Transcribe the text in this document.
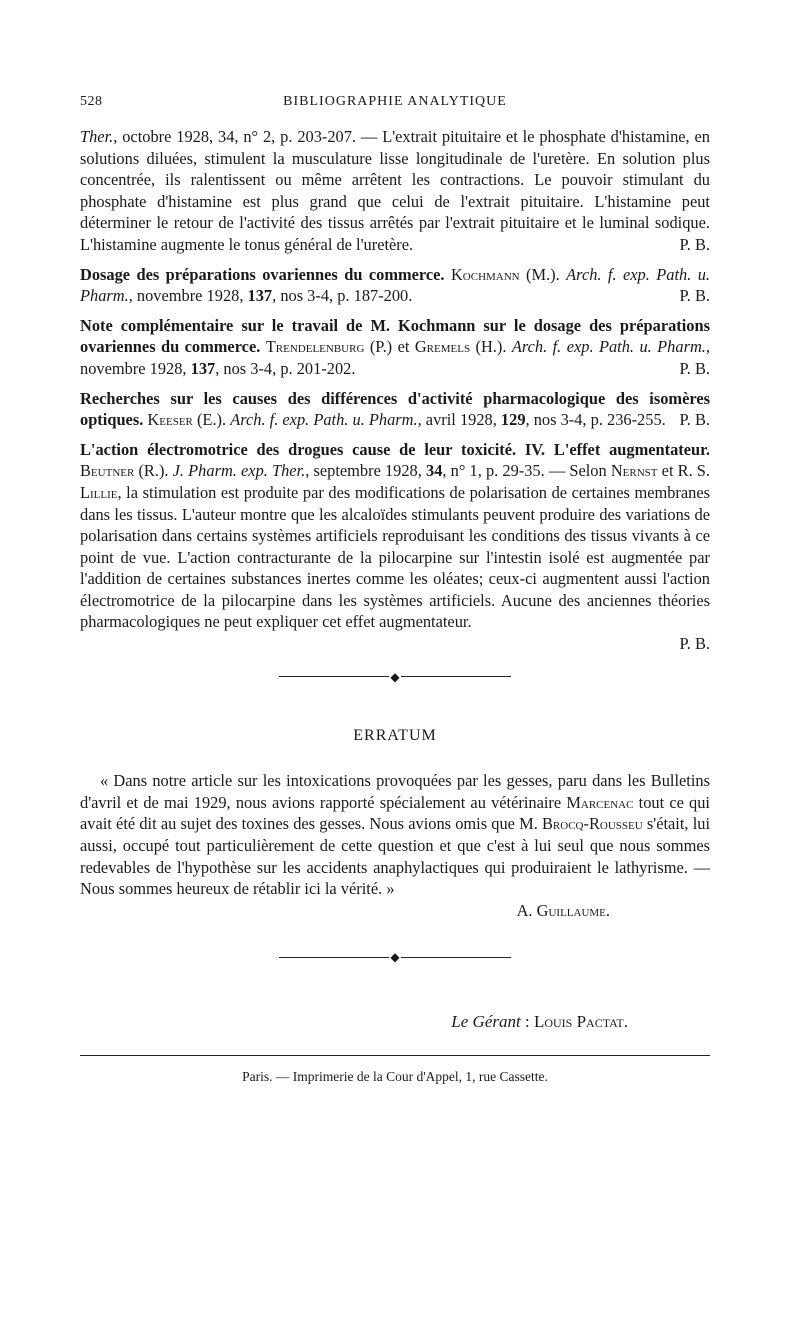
528	BIBLIOGRAPHIE ANALYTIQUE

Ther., octobre 1928, 34, n° 2, p. 203-207. — L'extrait pituitaire et le phosphate d'histamine, en solutions diluées, stimulent la musculature lisse longitudinale de l'uretère. En solution plus concentrée, ils ralentissent ou même arrêtent les contractions. Le pouvoir stimulant du phosphate d'histamine est plus grand que celui de l'extrait pituitaire. L'histamine peut déterminer le retour de l'activité des tissus arrêtés par l'extrait pituitaire et le luminal sodique. L'histamine augmente le tonus général de l'uretère.	P. B.

Dosage des préparations ovariennes du commerce. Kochmann (M.). Arch. f. exp. Path. u. Pharm., novembre 1928, 137, nos 3-4, p. 187-200.	P. B.

Note complémentaire sur le travail de M. Kochmann sur le dosage des préparations ovariennes du commerce. Trendelenburg (P.) et Gremels (H.). Arch. f. exp. Path. u. Pharm., novembre 1928, 137, nos 3-4, p. 201-202.	P. B.

Recherches sur les causes des différences d'activité pharmacologique des isomères optiques. Keeser (E.). Arch. f. exp. Path. u. Pharm., avril 1928, 129, nos 3-4, p. 236-255. P. B.

L'action électromotrice des drogues cause de leur toxicité. IV. L'effet augmentateur. Beutner (R.). J. Pharm. exp. Ther., septembre 1928, 34, n° 1, p. 29-35. — Selon Nernst et R. S. Lillie, la stimulation est produite par des modifications de polarisation de certaines membranes dans les tissus. L'auteur montre que les alcaloïdes stimulants peuvent produire des variations de polarisation dans certains systèmes artificiels reproduisant les conditions des tissus vivants à ce point de vue. L'action contracturante de la pilocarpine sur l'intestin isolé est augmentée par l'addition de certaines substances inertes comme les oléates; ceux-ci augmentent aussi l'action électromotrice de la pilocarpine dans les systèmes artificiels. Aucune des anciennes théories pharmacologiques ne peut expliquer cet effet augmentateur.

P. B.

◆
ERRATUM

« Dans notre article sur les intoxications provoquées par les gesses, paru dans les Bulletins d'avril et de mai 1929, nous avions rapporté spécialement au vétérinaire Marcenac tout ce qui avait été dit au sujet des toxines des gesses. Nous avions omis que M. Brocq-Rousseu s'était, lui aussi, occupé tout particulièrement de cette question et que c'est à lui seul que nous sommes redevables de l'hypothèse sur les accidents anaphylactiques qui produiraient le lathyrisme. — Nous sommes heureux de rétablir ici la vérité. »

A. Guillaume.

◆

Le Gérant : Louis Pactat.

Paris. — Imprimerie de la Cour d'Appel, 1, rue Cassette.
